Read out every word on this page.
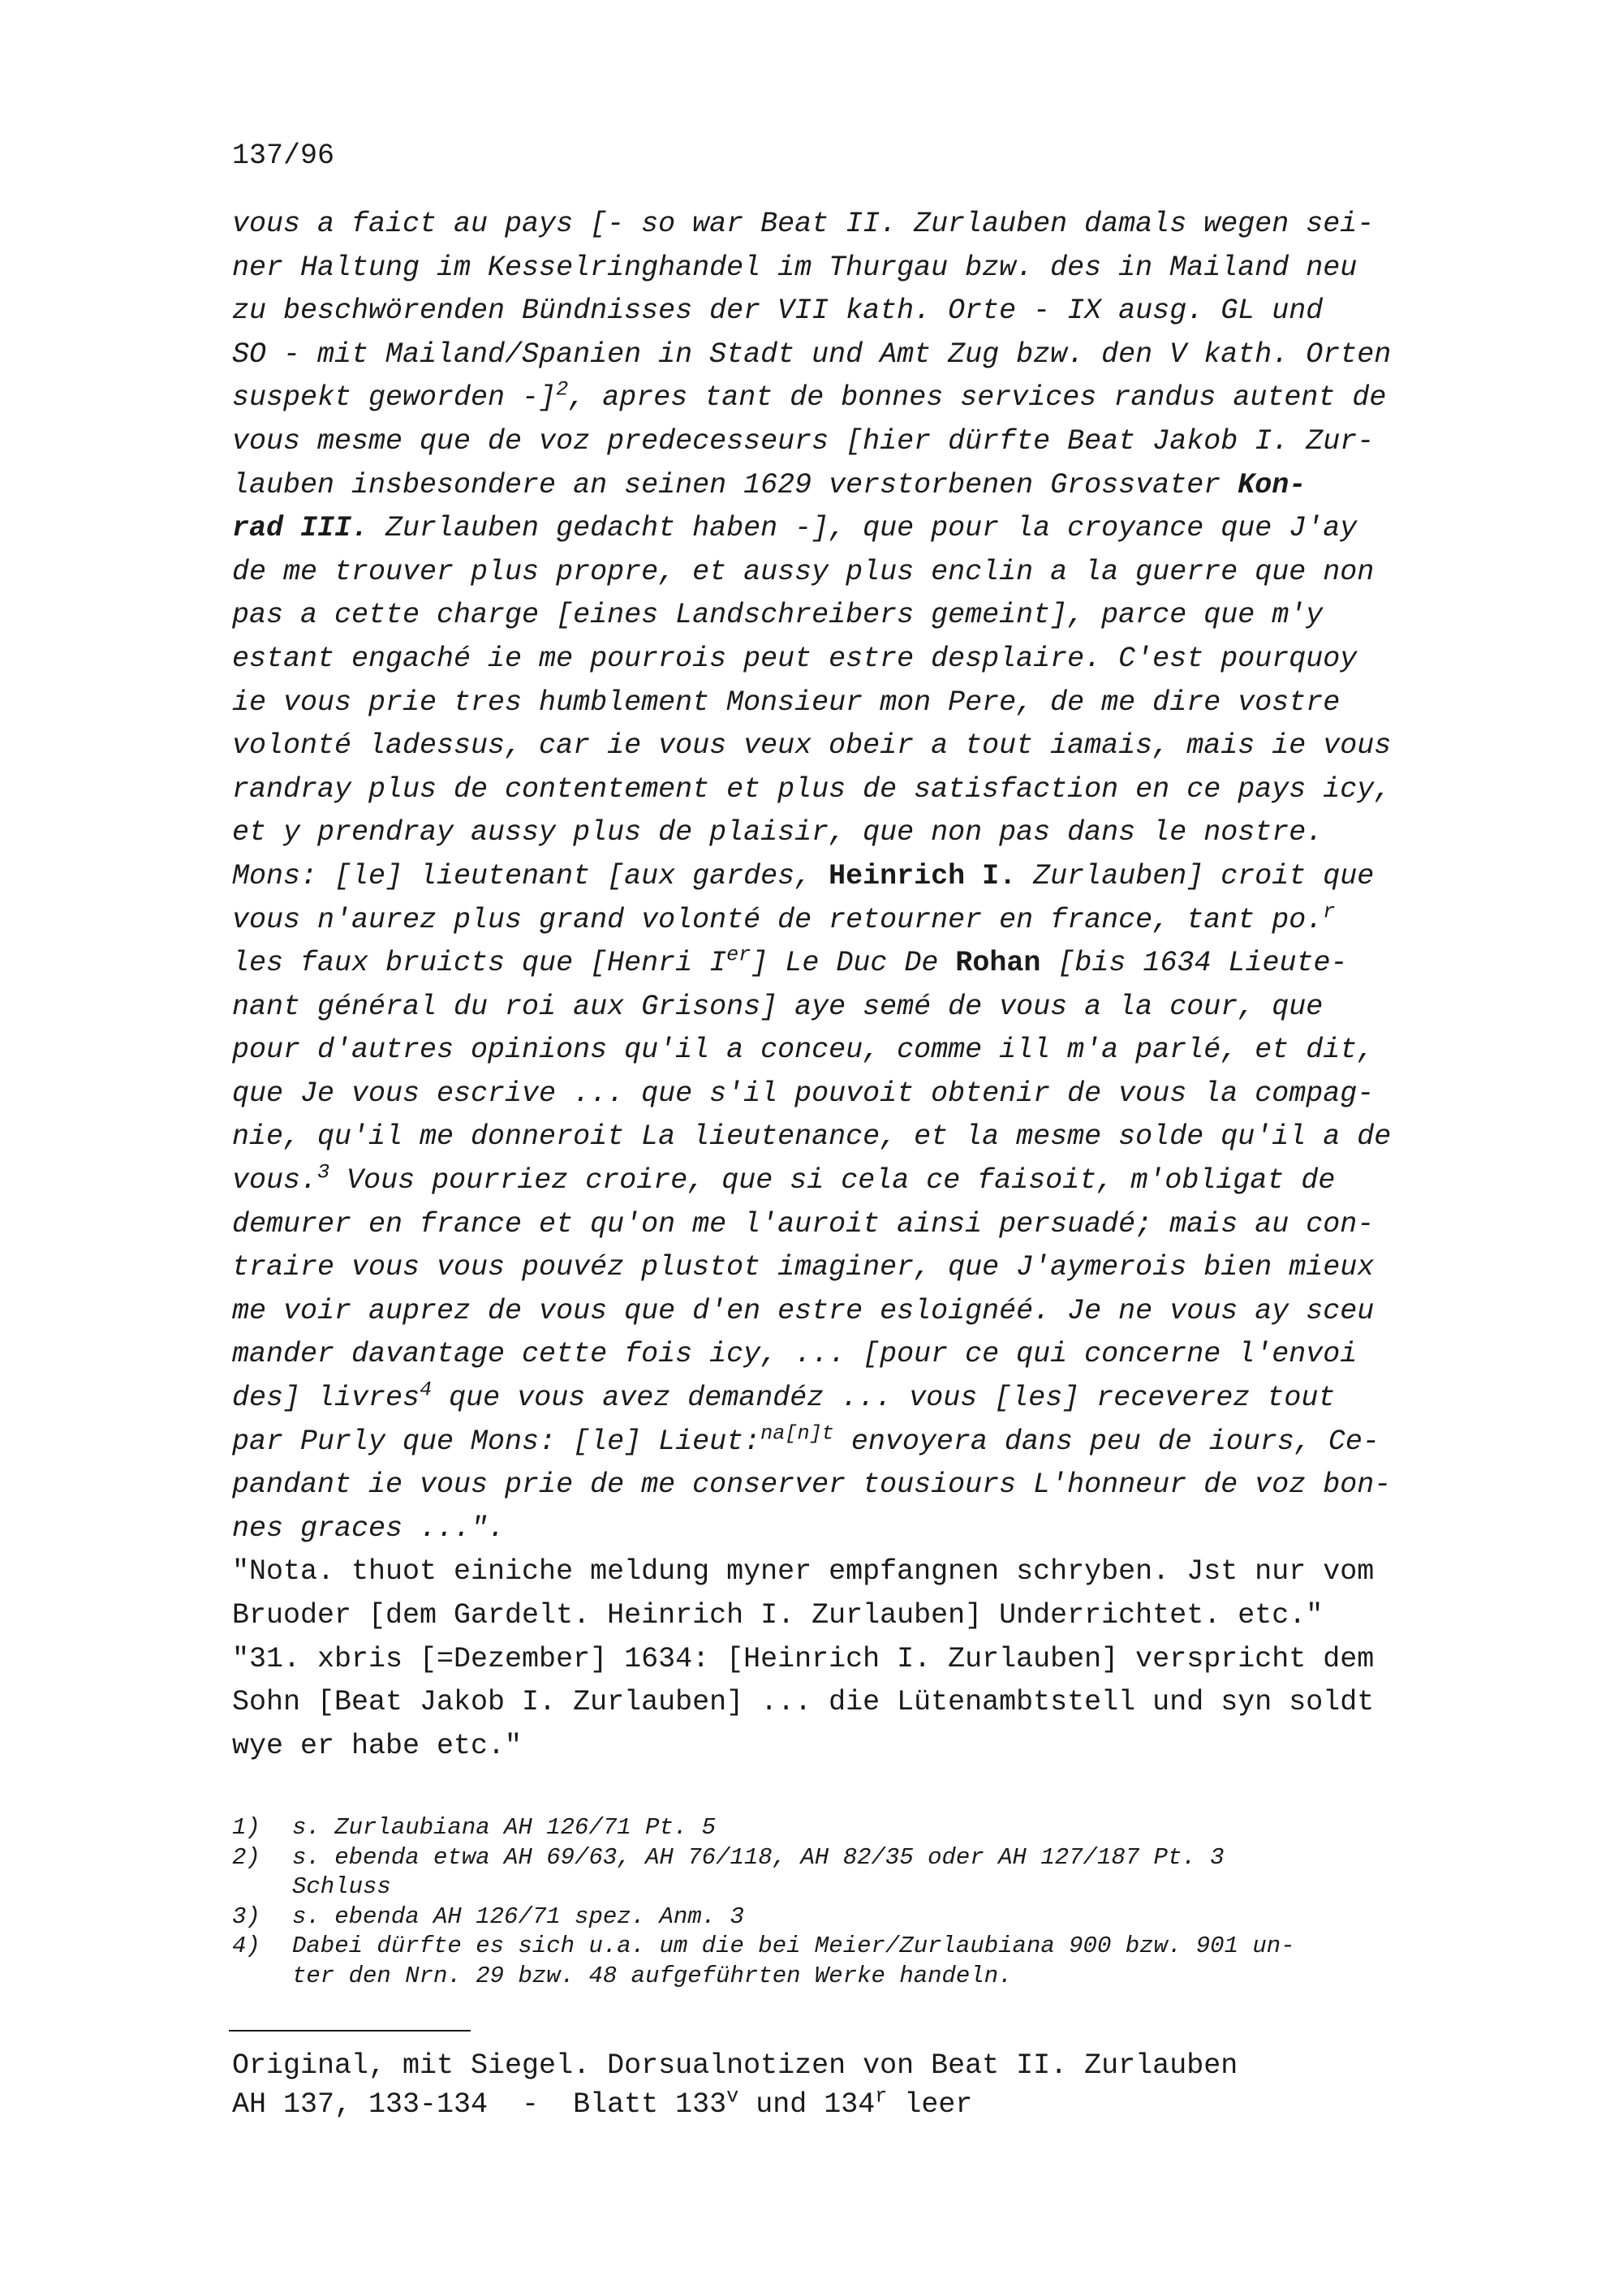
137/96
vous a faict au pays [- so war Beat II. Zurlauben damals wegen sei-
ner Haltung im Kesselringhandel im Thurgau bzw. des in Mailand neu
zu beschwörenden Bündnisses der VII kath. Orte - IX ausg. GL und
SO - mit Mailand/Spanien in Stadt und Amt Zug bzw. den V kath. Orten
suspekt geworden -]$^2$, apres tant de bonnes services randus autent de
vous mesme que de voz predecesseurs [hier dürfte Beat Jakob I. Zur-
lauben insbesondere an seinen 1629 verstorbenen Grossvater Kon-
rad III. Zurlauben gedacht haben -], que pour la croyance que J'ay
de me trouver plus propre, et aussy plus enclin a la guerre que non
pas a cette charge [eines Landschreibers gemeint], parce que m'y
estant engaché ie me pourrois peut estre desplaire. C'est pourquoy
ie vous prie tres humblement Monsieur mon Pere, de me dire vostre
volonté ladessus, car ie vous veux obeir a tout iamais, mais ie vous
randray plus de contentement et plus de satisfaction en ce pays icy,
et y prendray aussy plus de plaisir, que non pas dans le nostre.
Mons: [le] lieutenant [aux gardes, Heinrich I. Zurlauben] croit que
vous n'aurez plus grand volonté de retourner en france, tant po.$^r$
les faux bruicts que [Henri Ier] Le Duc De Rohan [bis 1634 Lieute-
nant général du roi aux Grisons] aye semé de vous a la cour, que
pour d'autres opinions qu'il a conceu, comme ill m'a parlé, et dit,
que Je vous escrive ... que s'il pouvoit obtenir de vous la compag-
nie, qu'il me donneroit La lieutenance, et la mesme solde qu'il a de
vous.$^3$ Vous pourriez croire, que si cela ce faisoit, m'obligat de
demurer en france et qu'on me l'auroit ainsi persuadé; mais au con-
traire vous vous pouvéz plustot imaginer, que J'aymerois bien mieux
me voir auprez de vous que d'en estre esloignéé. Je ne vous ay sceu
mander davantage cette fois icy, ... [pour ce qui concerne l'envoi
des] livres$^4$ que vous avez demandéz ... vous [les] receverez tout
par Purly que Mons: [le] Lieut:$^{na[n]t}$ envoyera dans peu de iours, Ce-
pandant ie vous prie de me conserver tousiours L'honneur de voz bon-
nes graces ...".
"Nota. thuot einiche meldung myner empfangnen schryben. Jst nur vom
Bruoder [dem Gardelt. Heinrich I. Zurlauben] Underrichtet. etc."
"31. xbris [=Dezember] 1634: [Heinrich I. Zurlauben] verspricht dem
Sohn [Beat Jakob I. Zurlauben] ... die Lütenambtstell und syn soldt
wye er habe etc."
1)	s. Zurlaubiana AH 126/71 Pt. 5
2)	s. ebenda etwa AH 69/63, AH 76/118, AH 82/35 oder AH 127/187 Pt. 3
Schluss
3)	s. ebenda AH 126/71 spez. Anm. 3
4)	Dabei dürfte es sich u.a. um die bei Meier/Zurlaubiana 900 bzw. 901 un-
ter den Nrn. 29 bzw. 48 aufgeführten Werke handeln.
Original, mit Siegel. Dorsualnotizen von Beat II. Zurlauben
AH 137, 133-134  -  Blatt 133$^v$ und 134$^r$ leer
